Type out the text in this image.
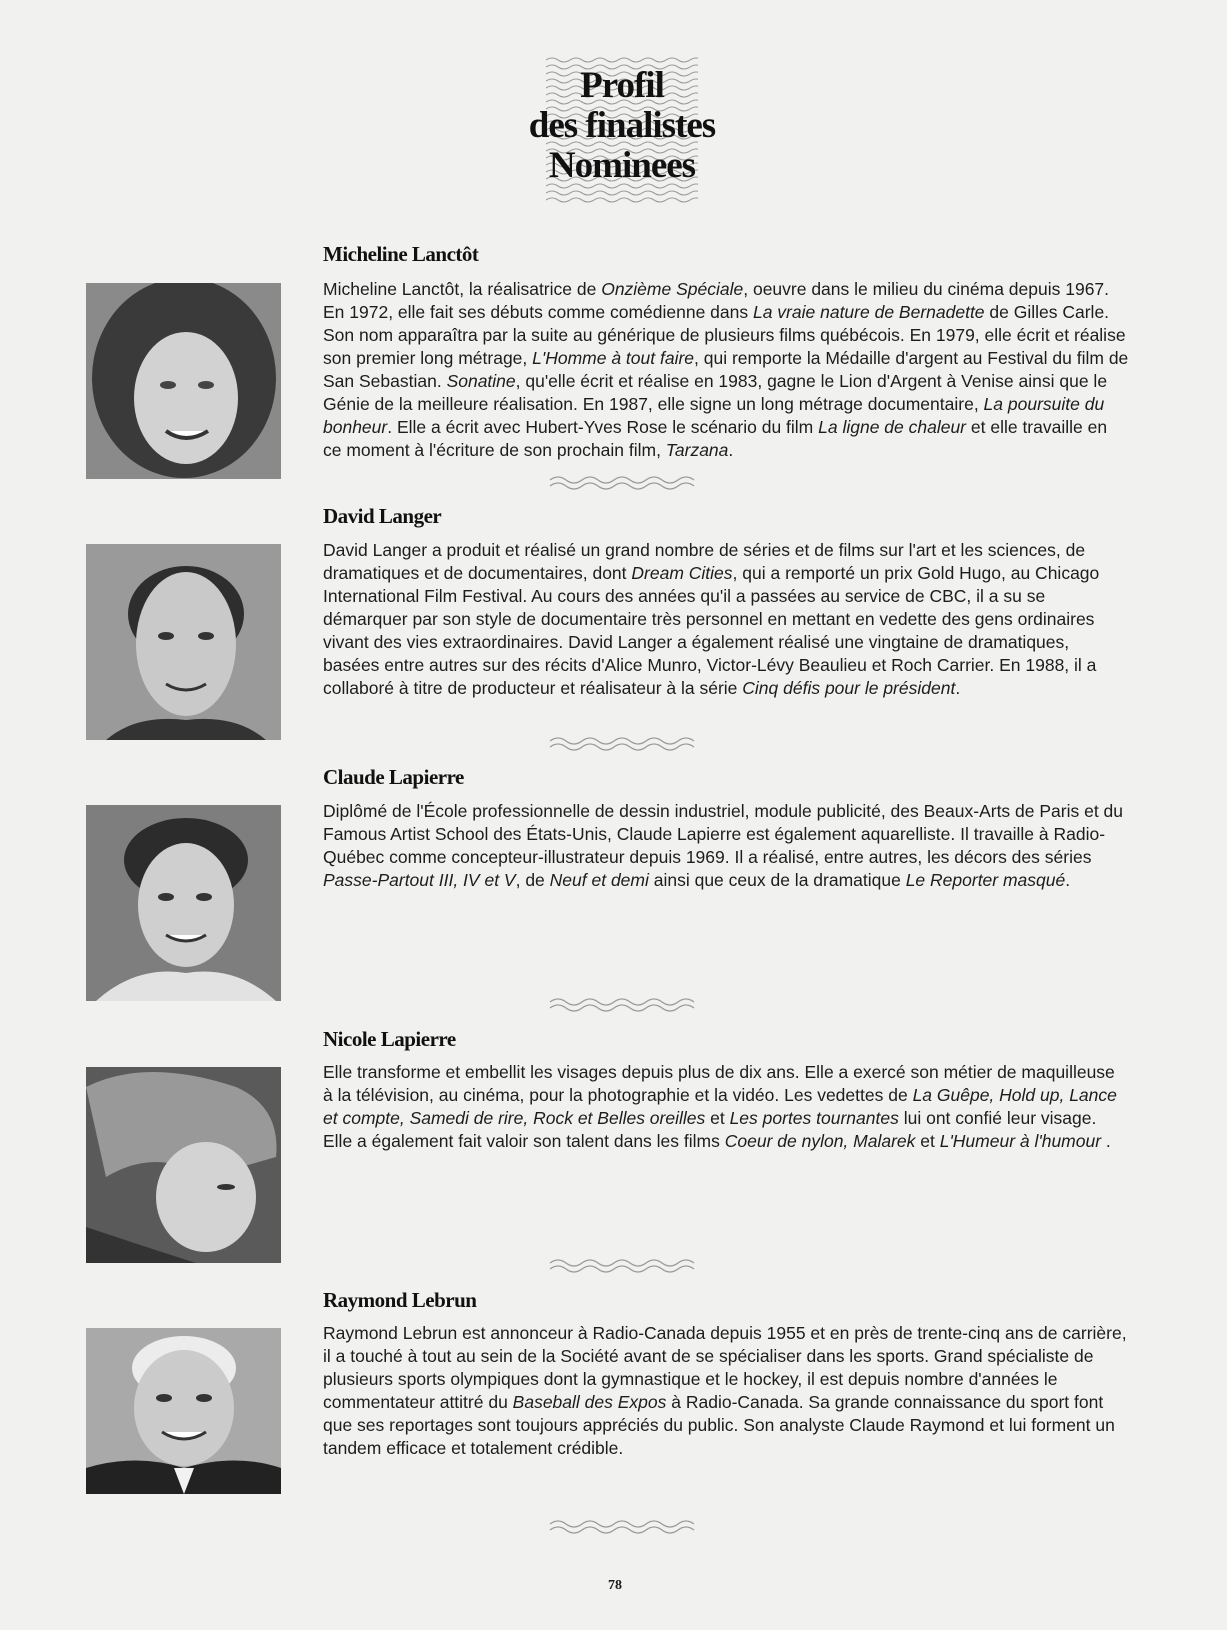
Profil
des finalistes
Nominees
Micheline Lanctôt
Micheline Lanctôt, la réalisatrice de Onzième Spéciale, oeuvre dans le milieu du cinéma depuis 1967. En 1972, elle fait ses débuts comme comédienne dans La vraie nature de Bernadette de Gilles Carle. Son nom apparaîtra par la suite au générique de plusieurs films québécois. En 1979, elle écrit et réalise son premier long métrage, L'Homme à tout faire, qui remporte la Médaille d'argent au Festival du film de San Sebastian. Sonatine, qu'elle écrit et réalise en 1983, gagne le Lion d'Argent à Venise ainsi que le Génie de la meilleure réalisation. En 1987, elle signe un long métrage documentaire, La poursuite du bonheur. Elle a écrit avec Hubert-Yves Rose le scénario du film La ligne de chaleur et elle travaille en ce moment à l'écriture de son prochain film, Tarzana.
David Langer
David Langer a produit et réalisé un grand nombre de séries et de films sur l'art et les sciences, de dramatiques et de documentaires, dont Dream Cities, qui a remporté un prix Gold Hugo, au Chicago International Film Festival. Au cours des années qu'il a passées au service de CBC, il a su se démarquer par son style de documentaire très personnel en mettant en vedette des gens ordinaires vivant des vies extraordinaires. David Langer a également réalisé une vingtaine de dramatiques, basées entre autres sur des récits d'Alice Munro, Victor-Lévy Beaulieu et Roch Carrier. En 1988, il a collaboré à titre de producteur et réalisateur à la série Cinq défis pour le président.
Claude Lapierre
Diplômé de l'École professionnelle de dessin industriel, module publicité, des Beaux-Arts de Paris et du Famous Artist School des États-Unis, Claude Lapierre est également aquarelliste. Il travaille à Radio-Québec comme concepteur-illustrateur depuis 1969. Il a réalisé, entre autres, les décors des séries Passe-Partout III, IV et V, de Neuf et demi ainsi que ceux de la dramatique Le Reporter masqué.
Nicole Lapierre
Elle transforme et embellit les visages depuis plus de dix ans. Elle a exercé son métier de maquilleuse à la télévision, au cinéma, pour la photographie et la vidéo. Les vedettes de La Guêpe, Hold up, Lance et compte, Samedi de rire, Rock et Belles oreilles et Les portes tournantes lui ont confié leur visage. Elle a également fait valoir son talent dans les films Coeur de nylon, Malarek et L'Humeur à l'humour .
Raymond Lebrun
Raymond Lebrun est annonceur à Radio-Canada depuis 1955 et en près de trente-cinq ans de carrière, il a touché à tout au sein de la Société avant de se spécialiser dans les sports. Grand spécialiste de plusieurs sports olympiques dont la gymnastique et le hockey, il est depuis nombre d'années le commentateur attitré du Baseball des Expos à Radio-Canada. Sa grande connaissance du sport font que ses reportages sont toujours appréciés du public. Son analyste Claude Raymond et lui forment un tandem efficace et totalement crédible.
78
